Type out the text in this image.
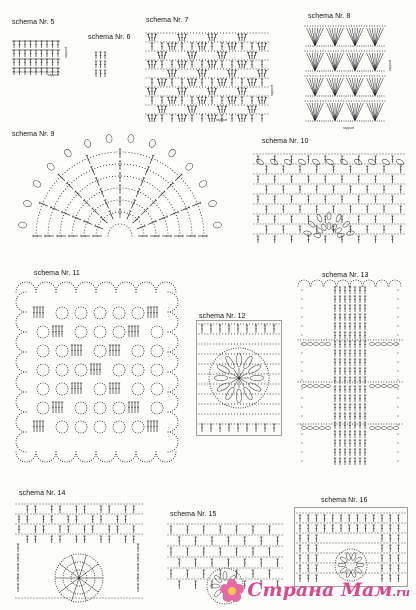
schema Nr. 5
schema Nr. 6
schema Nr. 7
schema Nr. 8
schema Nr. 9
schema Nr. 10
schema Nr. 11
schema Nr. 12
schema Nr. 13
schema Nr. 14
schema Nr. 15
schema Nr. 16
rapport
rapport
rapport
rapport
rapport
rapport
Страна Мам.ru
